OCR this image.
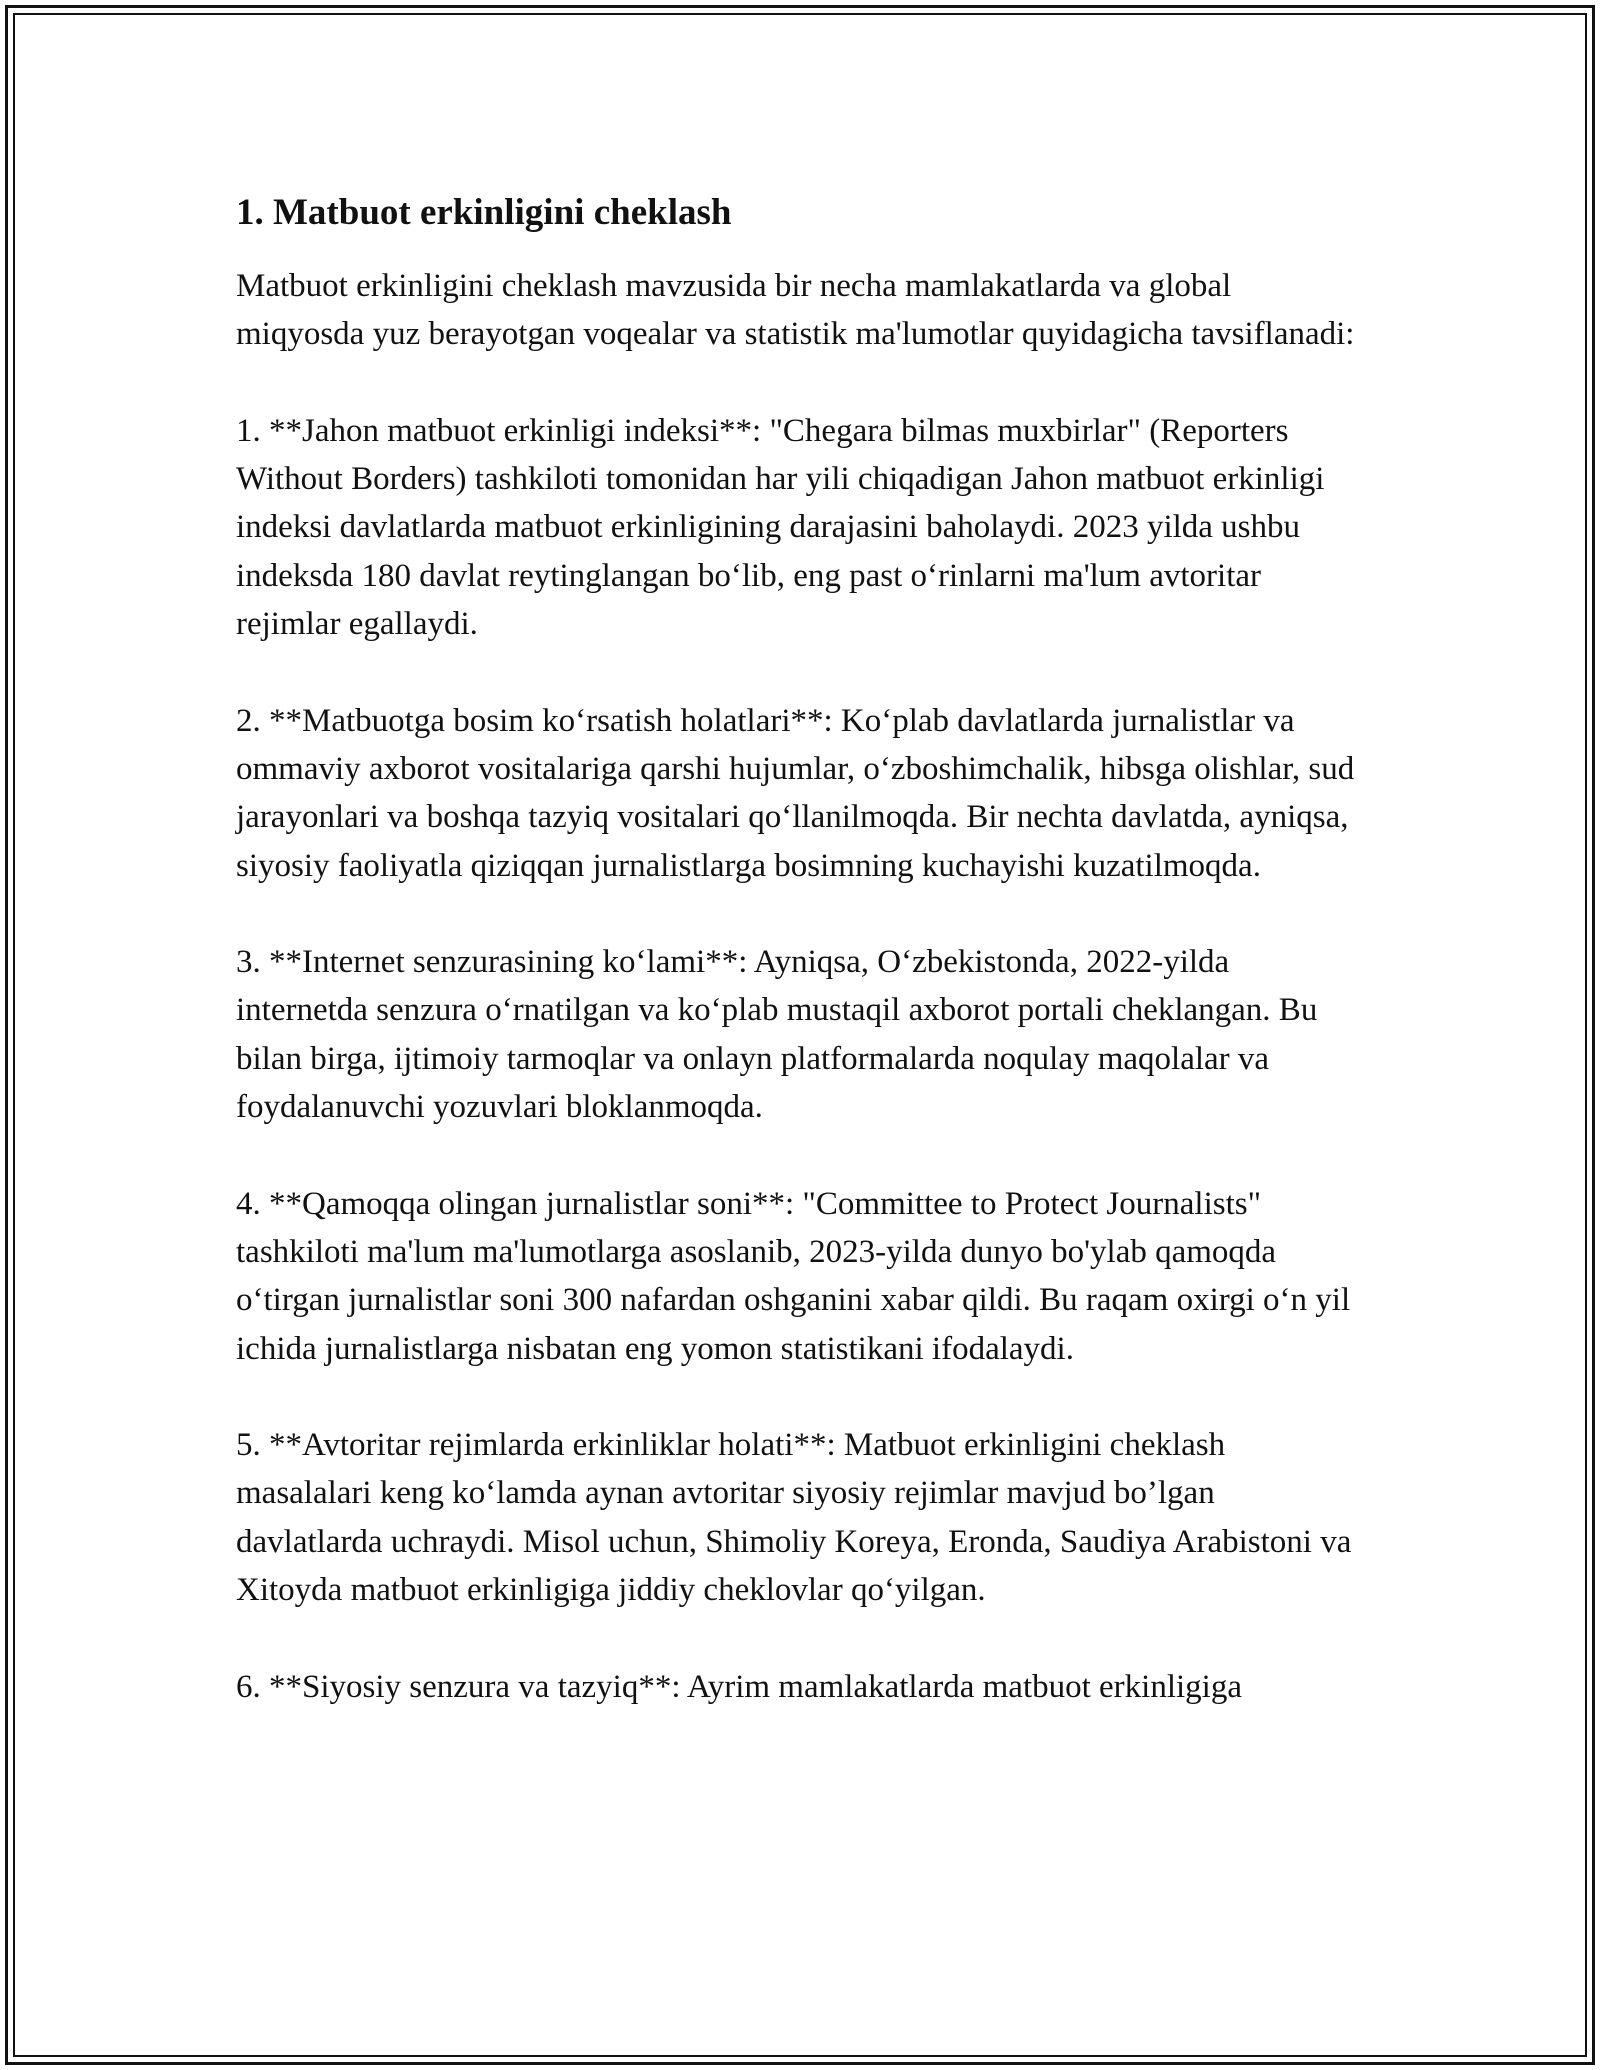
1. Matbuot erkinligini cheklash

Matbuot erkinligini cheklash mavzusida bir necha mamlakatlarda va global miqyosda yuz berayotgan voqealar va statistik ma'lumotlar quyidagicha tavsiflanadi:

1. **Jahon matbuot erkinligi indeksi**: "Chegara bilmas muxbirlar" (Reporters Without Borders) tashkiloti tomonidan har yili chiqadigan Jahon matbuot erkinligi indeksi davlatlarda matbuot erkinligining darajasini baholaydi. 2023 yilda ushbu indeksda 180 davlat reytinglangan bo‘lib, eng past o‘rinlarni ma'lum avtoritar rejimlar egallaydi.

2. **Matbuotga bosim ko‘rsatish holatlari**: Ko‘plab davlatlarda jurnalistlar va ommaviy axborot vositalariga qarshi hujumlar, o‘zboshimchalik, hibsga olishlar, sud jarayonlari va boshqa tazyiq vositalari qo‘llanilmoqda. Bir nechta davlatda, ayniqsa, siyosiy faoliyatla qiziqqan jurnalistlarga bosimning kuchayishi kuzatilmoqda.

3. **Internet senzurasining ko‘lami**: Ayniqsa, O‘zbekistonda, 2022-yilda internetda senzura o‘rnatilgan va ko‘plab mustaqil axborot portali cheklangan. Bu bilan birga, ijtimoiy tarmoqlar va onlayn platformalarda noqulay maqolalar va foydalanuvchi yozuvlari bloklanmoqda.

4. **Qamoqqa olingan jurnalistlar soni**: "Committee to Protect Journalists" tashkiloti ma'lum ma'lumotlarga asoslanib, 2023-yilda dunyo bo'ylab qamoqda o‘tirgan jurnalistlar soni 300 nafardan oshganini xabar qildi. Bu raqam oxirgi o‘n yil ichida jurnalistlarga nisbatan eng yomon statistikani ifodalaydi.

5. **Avtoritar rejimlarda erkinliklar holati**: Matbuot erkinligini cheklash masalalari keng ko‘lamda aynan avtoritar siyosiy rejimlar mavjud bo’lgan davlatlarda uchraydi. Misol uchun, Shimoliy Koreya, Eronda, Saudiya Arabistoni va Xitoyda matbuot erkinligiga jiddiy cheklovlar qo‘yilgan.

6. **Siyosiy senzura va tazyiq**: Ayrim mamlakatlarda matbuot erkinligiga
